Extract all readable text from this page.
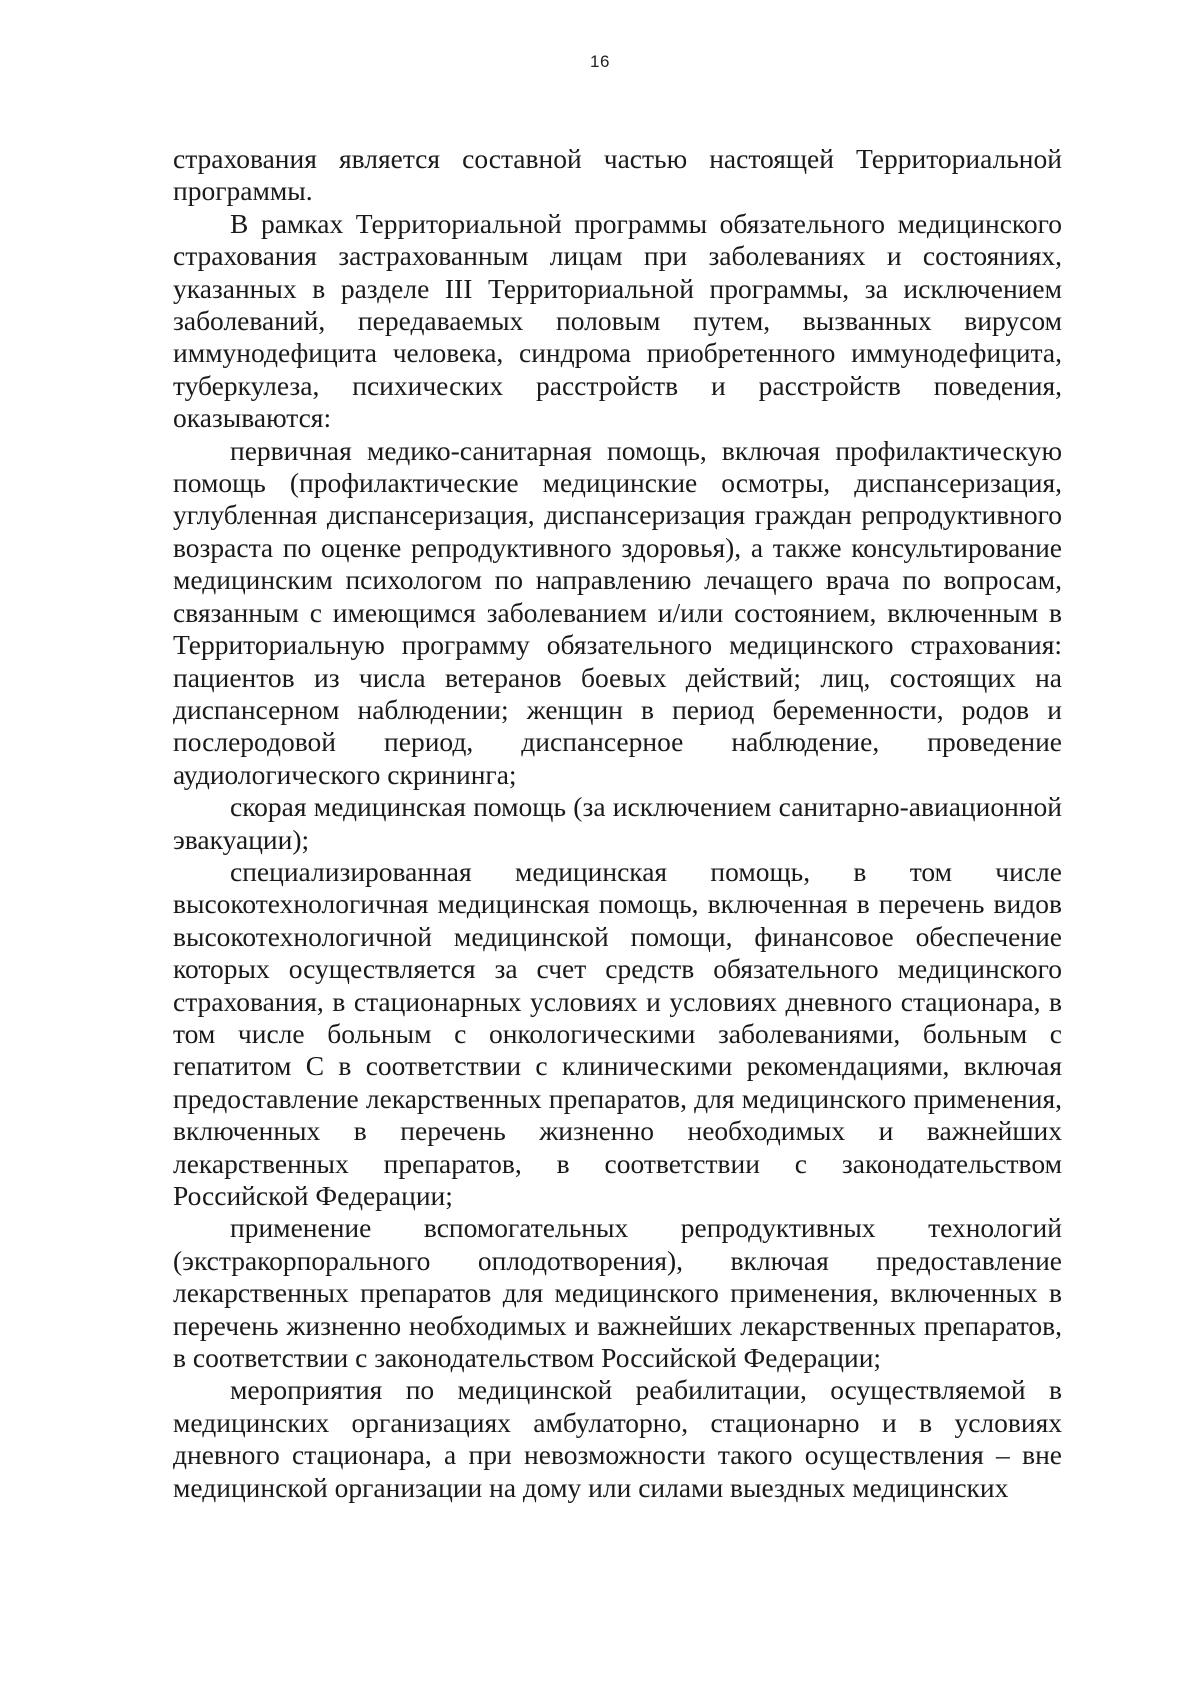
16

страхования является составной частью настоящей Территориальной программы.

В рамках Территориальной программы обязательного медицинского страхования застрахованным лицам при заболеваниях и состояниях, указанных в разделе III Территориальной программы, за исключением заболеваний, передаваемых половым путем, вызванных вирусом иммунодефицита человека, синдрома приобретенного иммунодефицита, туберкулеза, психических расстройств и расстройств поведения, оказываются:

первичная медико-санитарная помощь, включая профилактическую помощь (профилактические медицинские осмотры, диспансеризация, углубленная диспансеризация, диспансеризация граждан репродуктивного возраста по оценке репродуктивного здоровья), а также консультирование медицинским психологом по направлению лечащего врача по вопросам, связанным с имеющимся заболеванием и/или состоянием, включенным в Территориальную программу обязательного медицинского страхования: пациентов из числа ветеранов боевых действий; лиц, состоящих на диспансерном наблюдении; женщин в период беременности, родов и послеродовой период, диспансерное наблюдение, проведение аудиологического скрининга;

скорая медицинская помощь (за исключением санитарно-авиационной эвакуации);

специализированная медицинская помощь, в том числе высокотехнологичная медицинская помощь, включенная в перечень видов высокотехнологичной медицинской помощи, финансовое обеспечение которых осуществляется за счет средств обязательного медицинского страхования, в стационарных условиях и условиях дневного стационара, в том числе больным с онкологическими заболеваниями, больным с гепатитом С в соответствии с клиническими рекомендациями, включая предоставление лекарственных препаратов, для медицинского применения, включенных в перечень жизненно необходимых и важнейших лекарственных препаратов, в соответствии с законодательством Российской Федерации;

применение вспомогательных репродуктивных технологий (экстракорпорального оплодотворения), включая предоставление лекарственных препаратов для медицинского применения, включенных в перечень жизненно необходимых и важнейших лекарственных препаратов, в соответствии с законодательством Российской Федерации;

мероприятия по медицинской реабилитации, осуществляемой в медицинских организациях амбулаторно, стационарно и в условиях дневного стационара, а при невозможности такого осуществления – вне медицинской организации на дому или силами выездных медицинских
